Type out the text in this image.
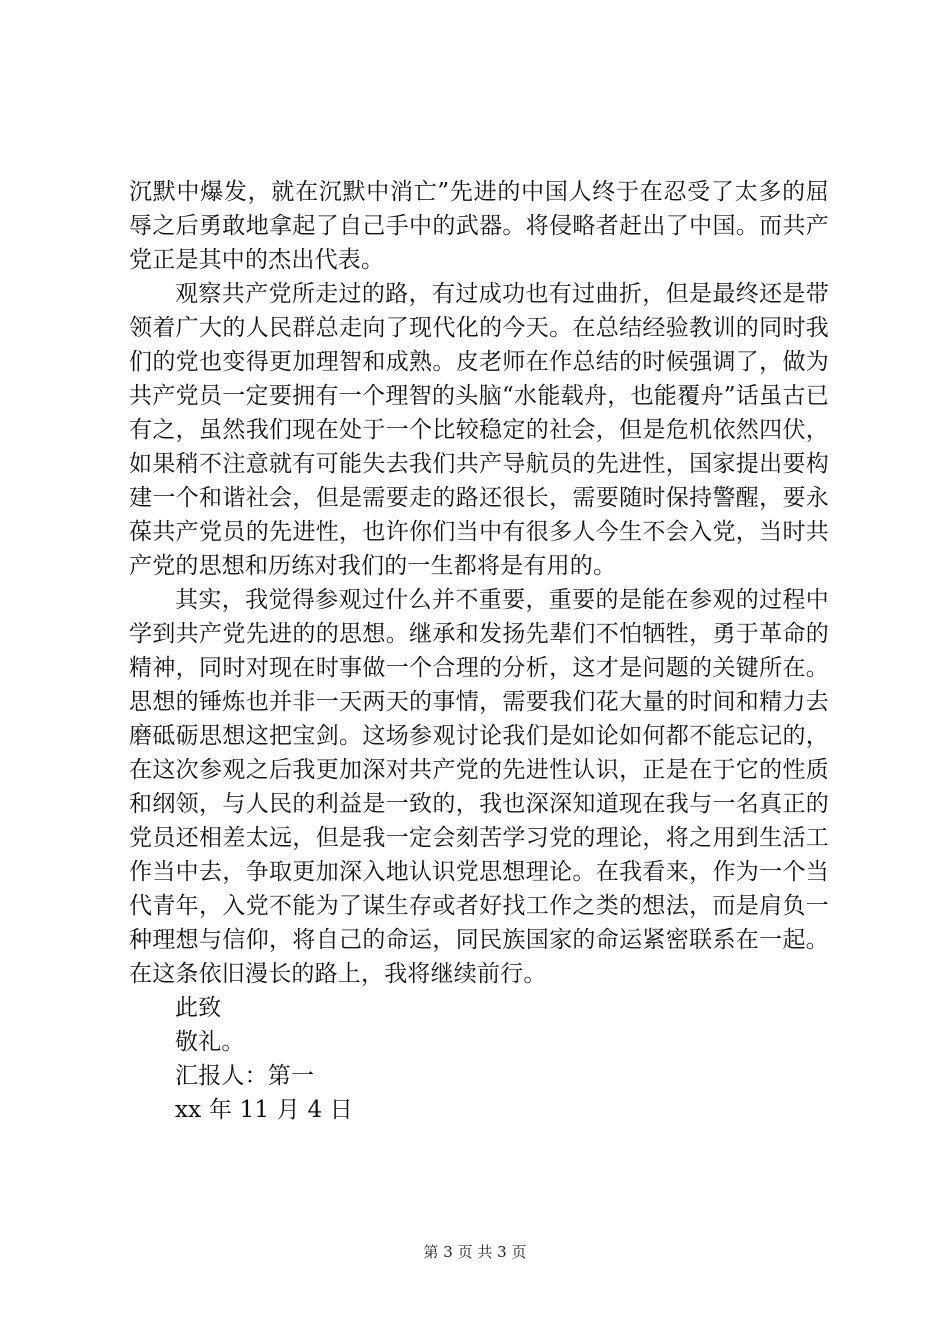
沉默中爆发，就在沉默中消亡”先进的中国人终于在忍受了太多的屈辱之后勇敢地拿起了自己手中的武器。将侵略者赶出了中国。而共产党正是其中的杰出代表。

观察共产党所走过的路，有过成功也有过曲折，但是最终还是带领着广大的人民群总走向了现代化的今天。在总结经验教训的同时我们的党也变得更加理智和成熟。皮老师在作总结的时候强调了，做为共产党员一定要拥有一个理智的头脑“水能载舟，也能覆舟”话虽古已有之，虽然我们现在处于一个比较稳定的社会，但是危机依然四伏，如果稍不注意就有可能失去我们共产导航员的先进性，国家提出要构建一个和谐社会，但是需要走的路还很长，需要随时保持警醒，要永葆共产党员的先进性，也许你们当中有很多人今生不会入党，当时共产党的思想和历练对我们的一生都将是有用的。

其实，我觉得参观过什么并不重要，重要的是能在参观的过程中学到共产党先进的的思想。继承和发扬先辈们不怕牺牲，勇于革命的精神，同时对现在时事做一个合理的分析，这才是问题的关键所在。思想的锤炼也并非一天两天的事情，需要我们花大量的时间和精力去磨砥砺思想这把宝剑。这场参观讨论我们是如论如何都不能忘记的，在这次参观之后我更加深对共产党的先进性认识，正是在于它的性质和纲领，与人民的利益是一致的，我也深深知道现在我与一名真正的党员还相差太远，但是我一定会刻苦学习党的理论，将之用到生活工作当中去，争取更加深入地认识党思想理论。在我看来，作为一个当代青年，入党不能为了谋生存或者好找工作之类的想法，而是肩负一种理想与信仰，将自己的命运，同民族国家的命运紧密联系在一起。在这条依旧漫长的路上，我将继续前行。

此致

敬礼。

汇报人：第一

xx 年 11 月 4 日

第 3 页 共 3 页
